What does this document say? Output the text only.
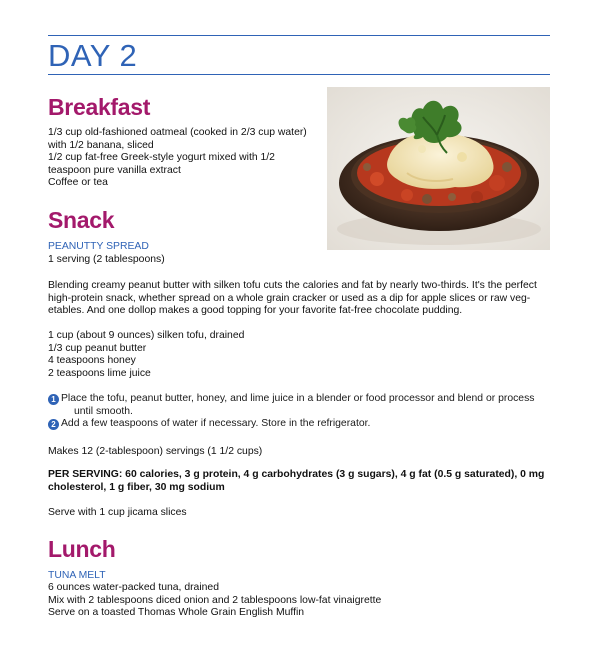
DAY 2
Breakfast
1/3 cup old-fashioned oatmeal (cooked in 2/3 cup water)
with 1/2 banana, sliced
1/2 cup fat-free Greek-style yogurt mixed with 1/2
teaspoon pure vanilla extract
Coffee or tea
Snack
PEANUTTY SPREAD
1 serving (2 tablespoons)
Blending creamy peanut butter with silken tofu cuts the calories and fat by nearly two-thirds. It's the perfect
high-protein snack, whether spread on a whole grain cracker or used as a dip for apple slices or raw veg-
etables. And one dollop makes a good topping for your favorite fat-free chocolate pudding.
1 cup (about 9 ounces) silken tofu, drained
1/3 cup peanut butter
4 teaspoons honey
2 teaspoons lime juice
1 Place the tofu, peanut butter, honey, and lime juice in a blender or food processor and blend or process
until smooth.
2 Add a few teaspoons of water if necessary. Store in the refrigerator.
Makes 12 (2-tablespoon) servings (1 1/2 cups)
PER SERVING: 60 calories, 3 g protein, 4 g carbohydrates (3 g sugars), 4 g fat (0.5 g saturated), 0 mg
cholesterol, 1 g fiber, 30 mg sodium
Serve with 1 cup jicama slices
Lunch
TUNA MELT
6 ounces water-packed tuna, drained
Mix with 2 tablespoons diced onion and 2 tablespoons low-fat vinaigrette
Serve on a toasted Thomas Whole Grain English Muffin
